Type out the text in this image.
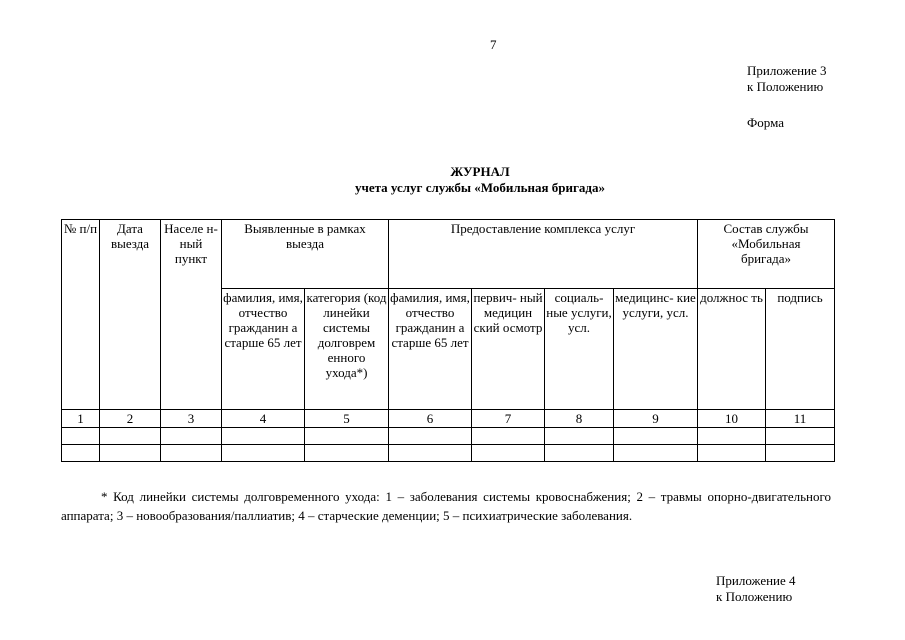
7
Приложение 3
к Положению
Форма
ЖУРНАЛ
учета услуг службы «Мобильная бригада»
№ п/п	Дата выезда	Населе н-ный пункт	Выявленные в рамках выезда		Предоставление комплекса услуг				Состав службы «Мобильная бригада»	

			фамилия, имя, отчество гражданин а старше 65 лет	категория (код линейки системы долговрем енного ухода*)	фамилия, имя, отчество гражданин а старше 65 лет	первич- ный медицин ский осмотр	социаль- ные услуги, усл.	медицинс- кие услуги, усл.	должнос ть	подпись
1	2	3	4	5	6	7	8	9	10	11

* Код линейки системы долговременного ухода: 1 – заболевания системы кровоснабжения; 2 – травмы опорно-двигательного аппарата; 3 – новообразования/паллиатив; 4 – старческие деменции; 5 – психиатрические заболевания.
Приложение 4
к Положению
